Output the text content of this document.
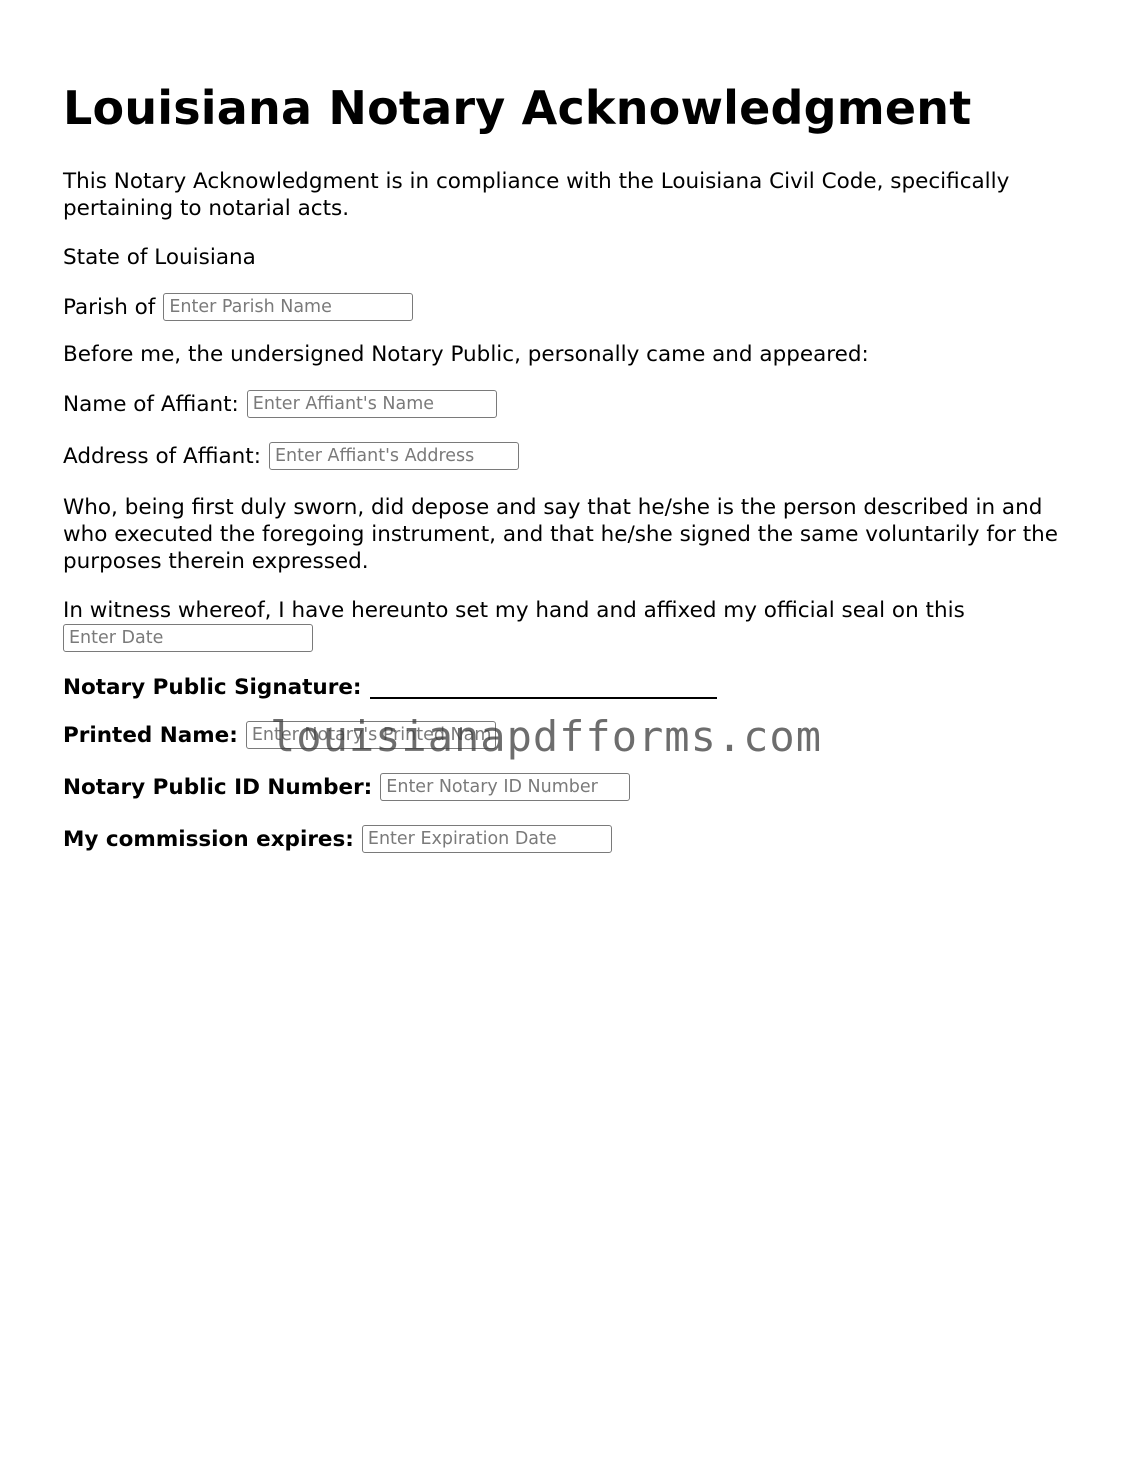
Louisiana Notary Acknowledgment

This Notary Acknowledgment is in compliance with the Louisiana Civil Code, specifically pertaining to notarial acts.

State of Louisiana

Parish of
Enter Parish Name

Before me, the undersigned Notary Public, personally came and appeared:

Name of Affiant:
Enter Affiant's Name
Address of Affiant:
Enter Affiant's Address

Who, being first duly sworn, did depose and say that he/she is the person described in and who executed the foregoing instrument, and that he/she signed the same voluntarily for the purposes therein expressed.

In witness whereof, I have hereunto set my hand and affixed my official seal on this

Enter Date
Notary Public Signature:
Printed Name:
Enter Notary's Printed Name
Notary Public ID Number:
Enter Notary ID Number
My commission expires:
Enter Expiration Date
louisianapdfforms.com
